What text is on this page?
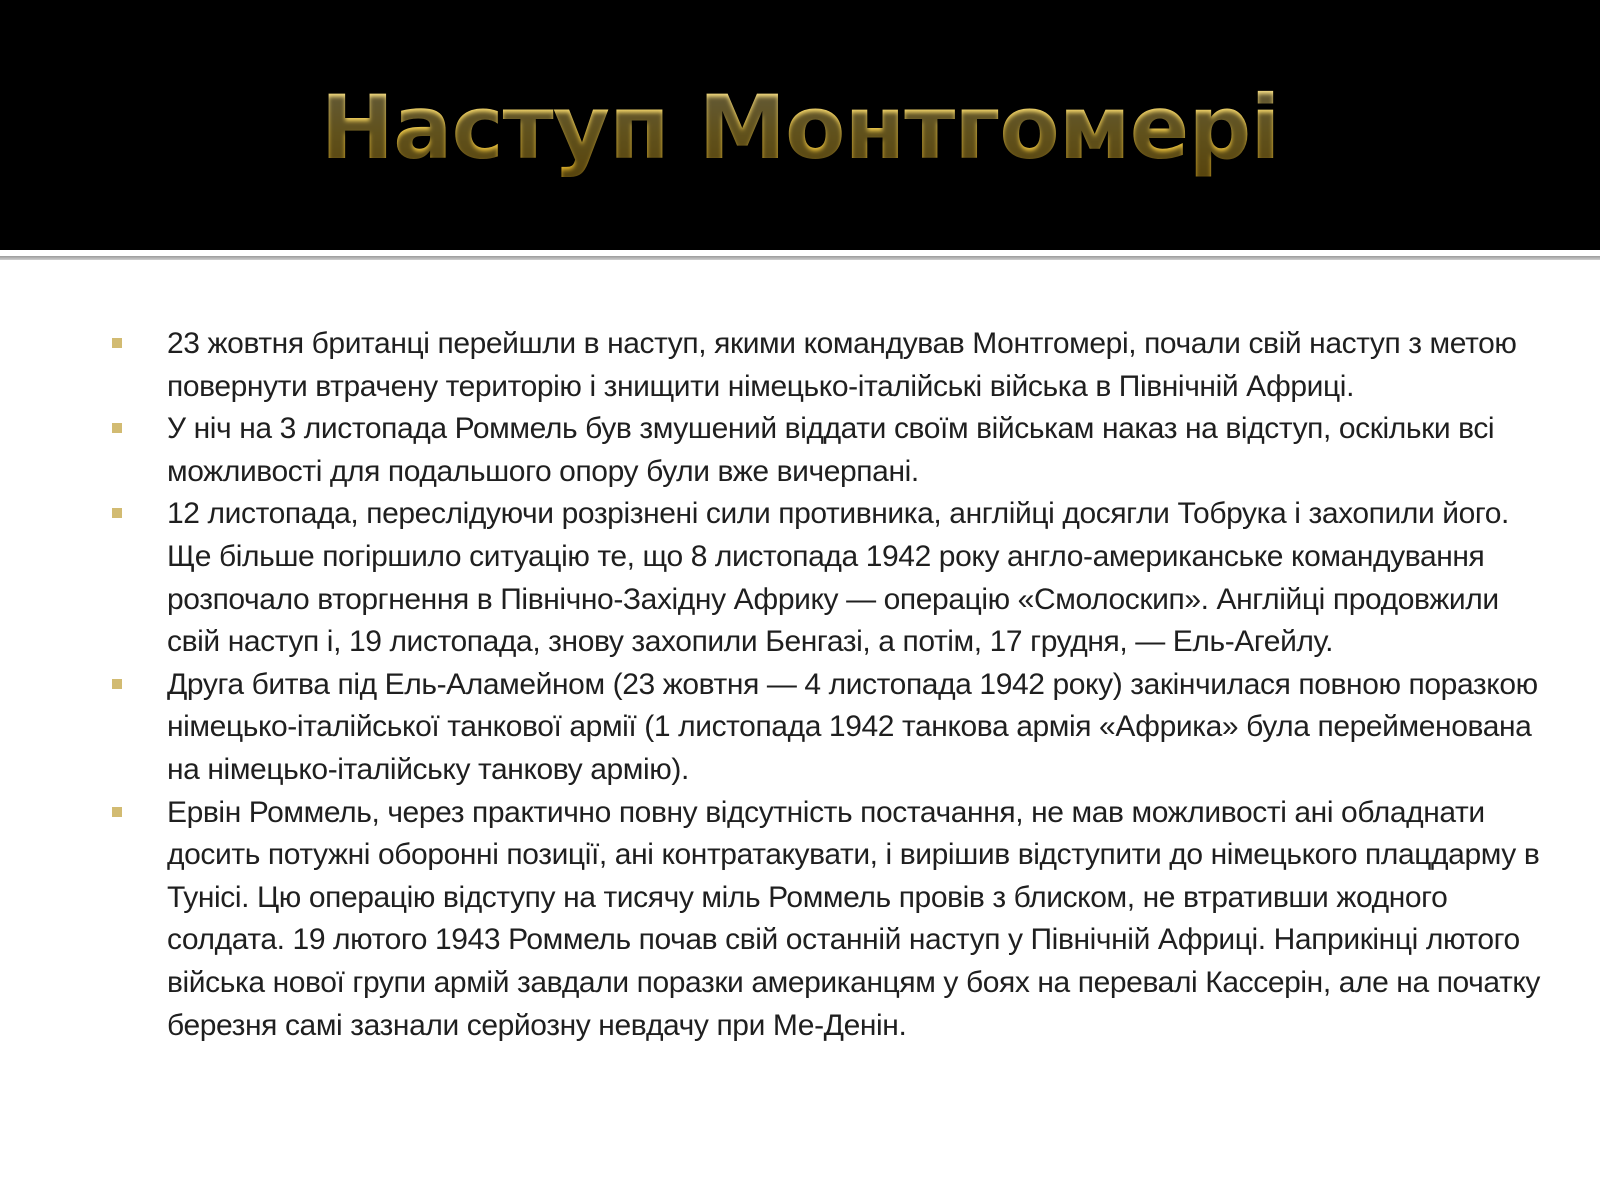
Наступ Монтгомері
23 жовтня британці перейшли в наступ, якими командував Монтгомері, почали свій наступ з метою повернути втрачену територію і знищити німецько-італійські війська в Північній Африці.
У ніч на 3 листопада Роммель був змушений віддати своїм військам наказ на відступ, оскільки всі можливості для подальшого опору були вже вичерпані.
12 листопада, переслідуючи розрізнені сили противника, англійці досягли Тобрука і захопили його. Ще більше погіршило ситуацію те, що 8 листопада 1942 року англо-американське командування розпочало вторгнення в Північно-Західну Африку — операцію «Смолоскип». Англійці продовжили свій наступ і, 19 листопада, знову захопили Бенгазі, а потім, 17 грудня, — Ель-Агейлу.
Друга битва під Ель-Аламейном (23 жовтня — 4 листопада 1942 року) закінчилася повною поразкою німецько-італійської танкової армії (1 листопада 1942 танкова армія «Африка» була перейменована на німецько-італійську танкову армію).
Ервін Роммель, через практично повну відсутність постачання, не мав можливості ані обладнати досить потужні оборонні позиції, ані контратакувати, і вирішив відступити до німецького плацдарму в Тунісі. Цю операцію відступу на тисячу міль Роммель провів з блиском, не втративши жодного солдата. 19 лютого 1943 Роммель почав свій останній наступ у Північній Африці. Наприкінці лютого війська нової групи армій завдали поразки американцям у боях на перевалі Кассерін, але на початку березня самі зазнали серйозну невдачу при Ме-Денін.
